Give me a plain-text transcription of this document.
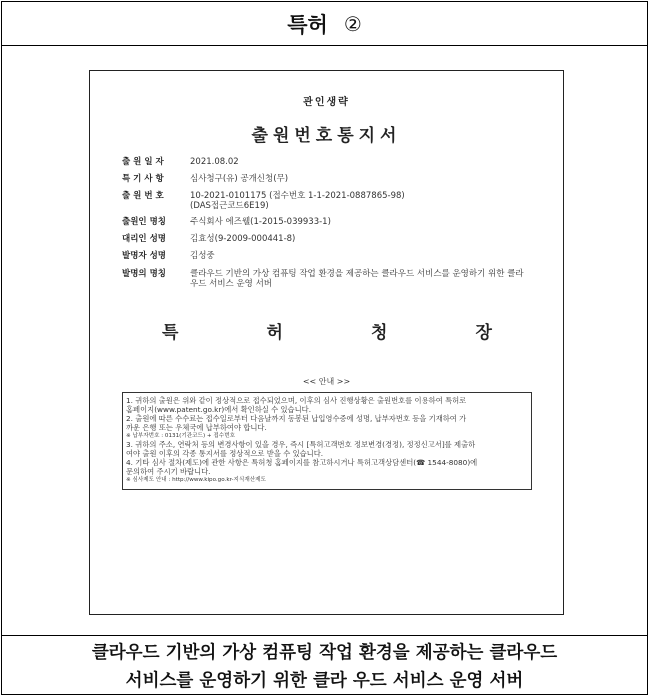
특허 ②
관인생략
출원번호통지서
출 원 일 자	2021.08.02
특 기 사 항	심사청구(유) 공개신청(무)
출 원 번 호	10-2021-0101175 (접수번호 1-1-2021-0887865-98)
(DAS접근코드6E19)
출원인 명칭	주식회사 에즈웰(1-2015-039933-1)
대리인 성명	김효성(9-2009-000441-8)
발명자 성명	김성중
발명의 명칭	클라우드 기반의 가상 컴퓨팅 작업 환경을 제공하는 클라우드 서비스를 운영하기 위한 클라
우드 서비스 운영 서버
특	허	청	장
<< 안내 >>
1. 귀하의 출원은 위와 같이 정상적으로 접수되었으며, 이후의 심사 진행상황은 출원번호를 이용하여 특허로
홈페이지(www.patent.go.kr)에서 확인하실 수 있습니다.
2. 출원에 따른 수수료는 접수일로부터 다음날까지 동봉된 납입영수증에 성명, 납부자번호 등을 기재하여 가
까운 은행 또는 우체국에 납부하여야 합니다.
※ 납부자번호 : 0131(기관코드) + 접수번호
3. 귀하의 주소, 연락처 등의 변경사항이 있을 경우, 즉시 [특허고객번호 정보변경(경정), 정정신고서]를 제출하
여야 출원 이후의 각종 통지서를 정상적으로 받을 수 있습니다.
4. 기타 심사 절차(제도)에 관한 사항은 특허청 홈페이지를 참고하시거나 특허고객상담센터(☎ 1544-8080)에
문의하여 주시기 바랍니다.
※ 심사제도 안내 : http://www.kipo.go.kr-지식재산제도
클라우드 기반의 가상 컴퓨팅 작업 환경을 제공하는 클라우드
서비스를 운영하기 위한 클라 우드 서비스 운영 서버
